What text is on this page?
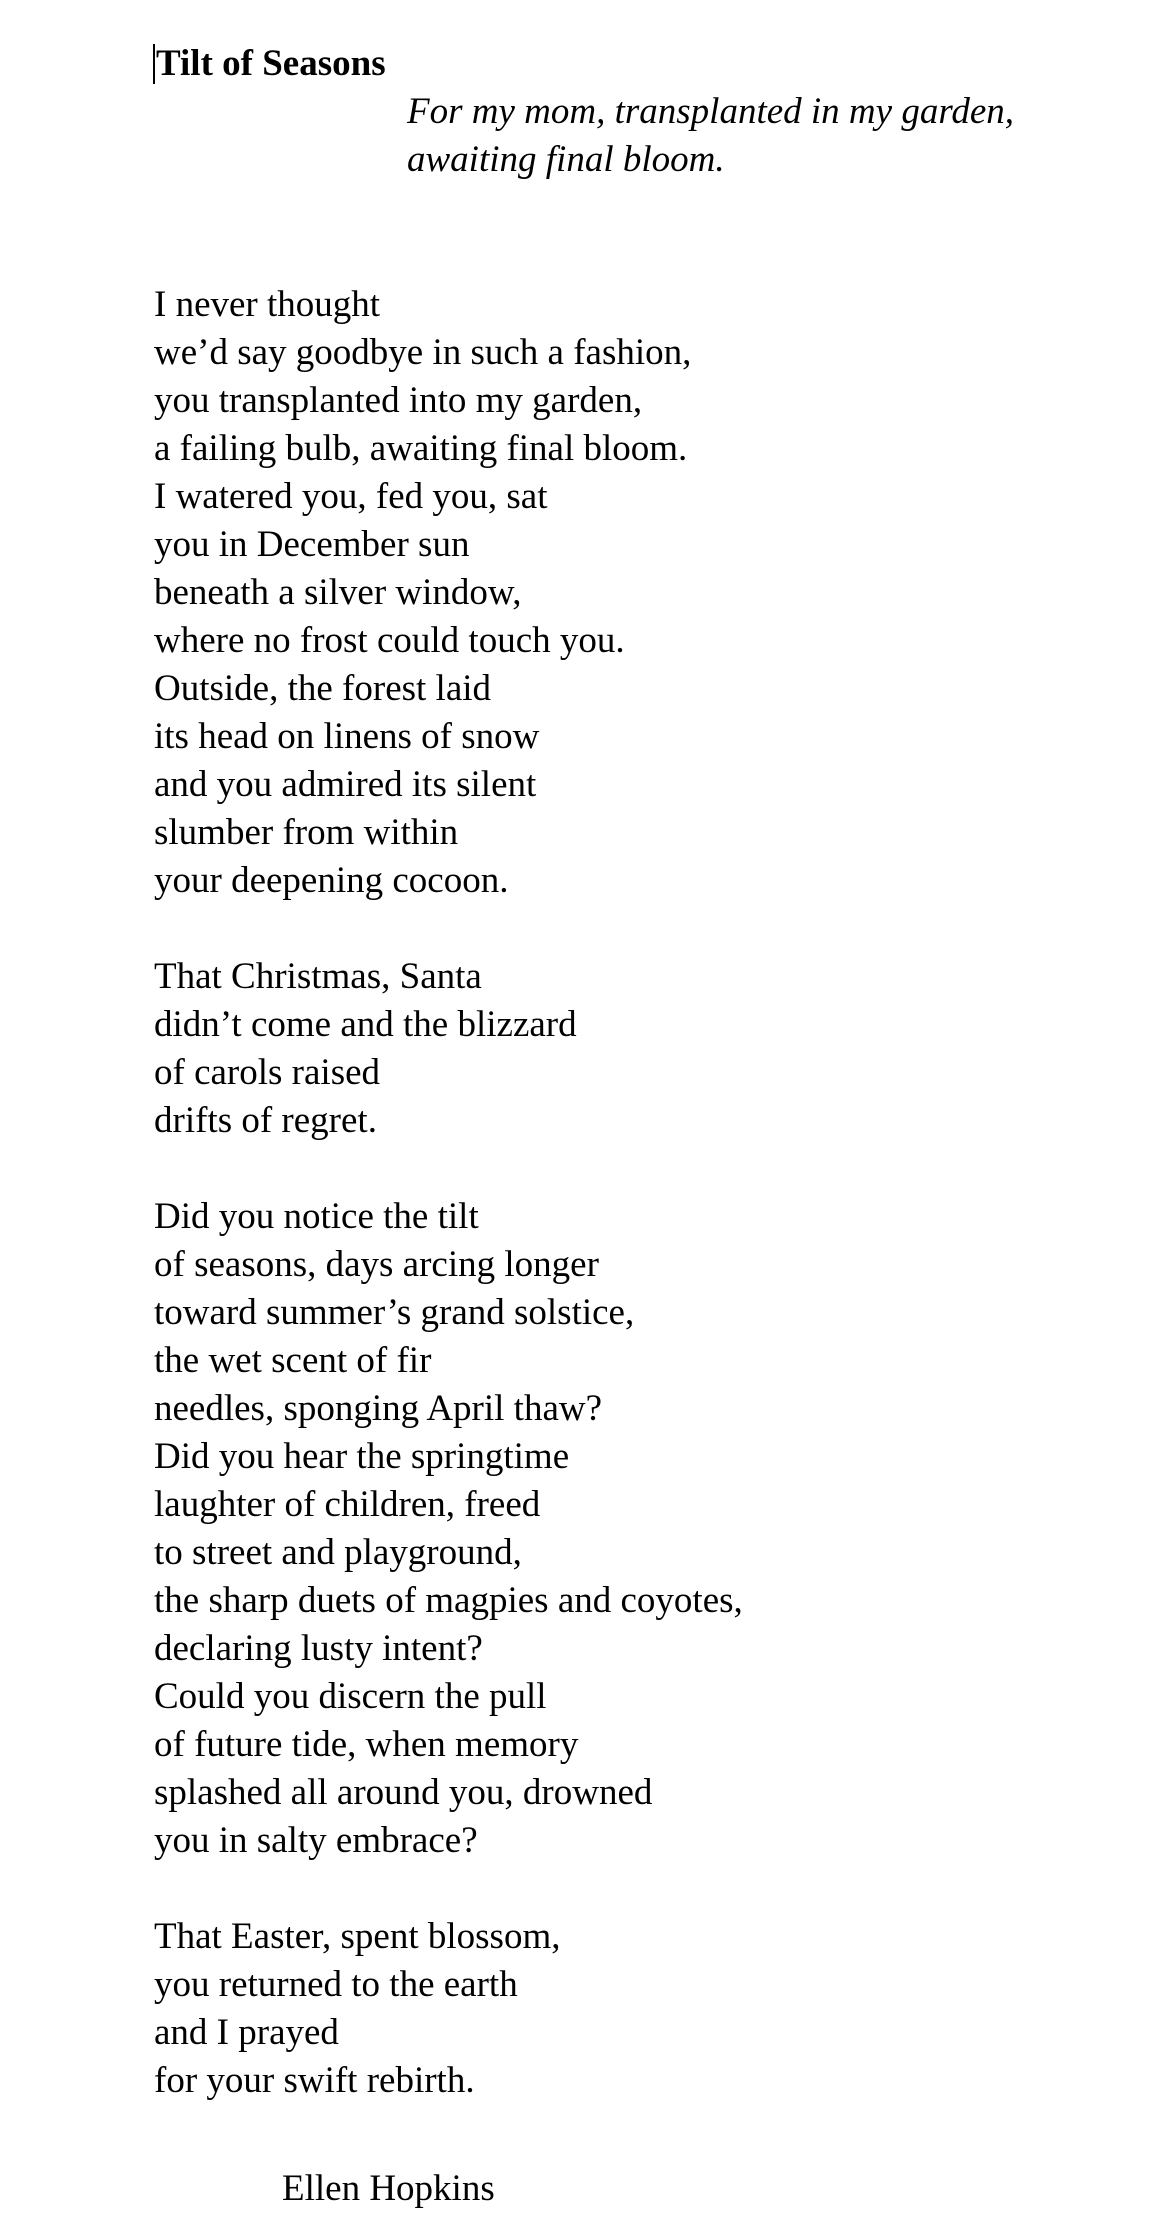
Tilt of Seasons

For my mom, transplanted in my garden,
awaiting final bloom.

I never thought
we’d say goodbye in such a fashion,
you transplanted into my garden,
a failing bulb, awaiting final bloom.
I watered you, fed you, sat
you in December sun
beneath a silver window,
where no frost could touch you.
Outside, the forest laid
its head on linens of snow
and you admired its silent
slumber from within
your deepening cocoon.
That Christmas, Santa
didn’t come and the blizzard
of carols raised
drifts of regret.
Did you notice the tilt
of seasons, days arcing longer
toward summer’s grand solstice,
the wet scent of fir
needles, sponging April thaw?
Did you hear the springtime
laughter of children, freed
to street and playground,
the sharp duets of magpies and coyotes,
declaring lusty intent?
Could you discern the pull
of future tide, when memory
splashed all around you, drowned
you in salty embrace?
That Easter, spent blossom,
you returned to the earth
and I prayed
for your swift rebirth.

Ellen Hopkins
